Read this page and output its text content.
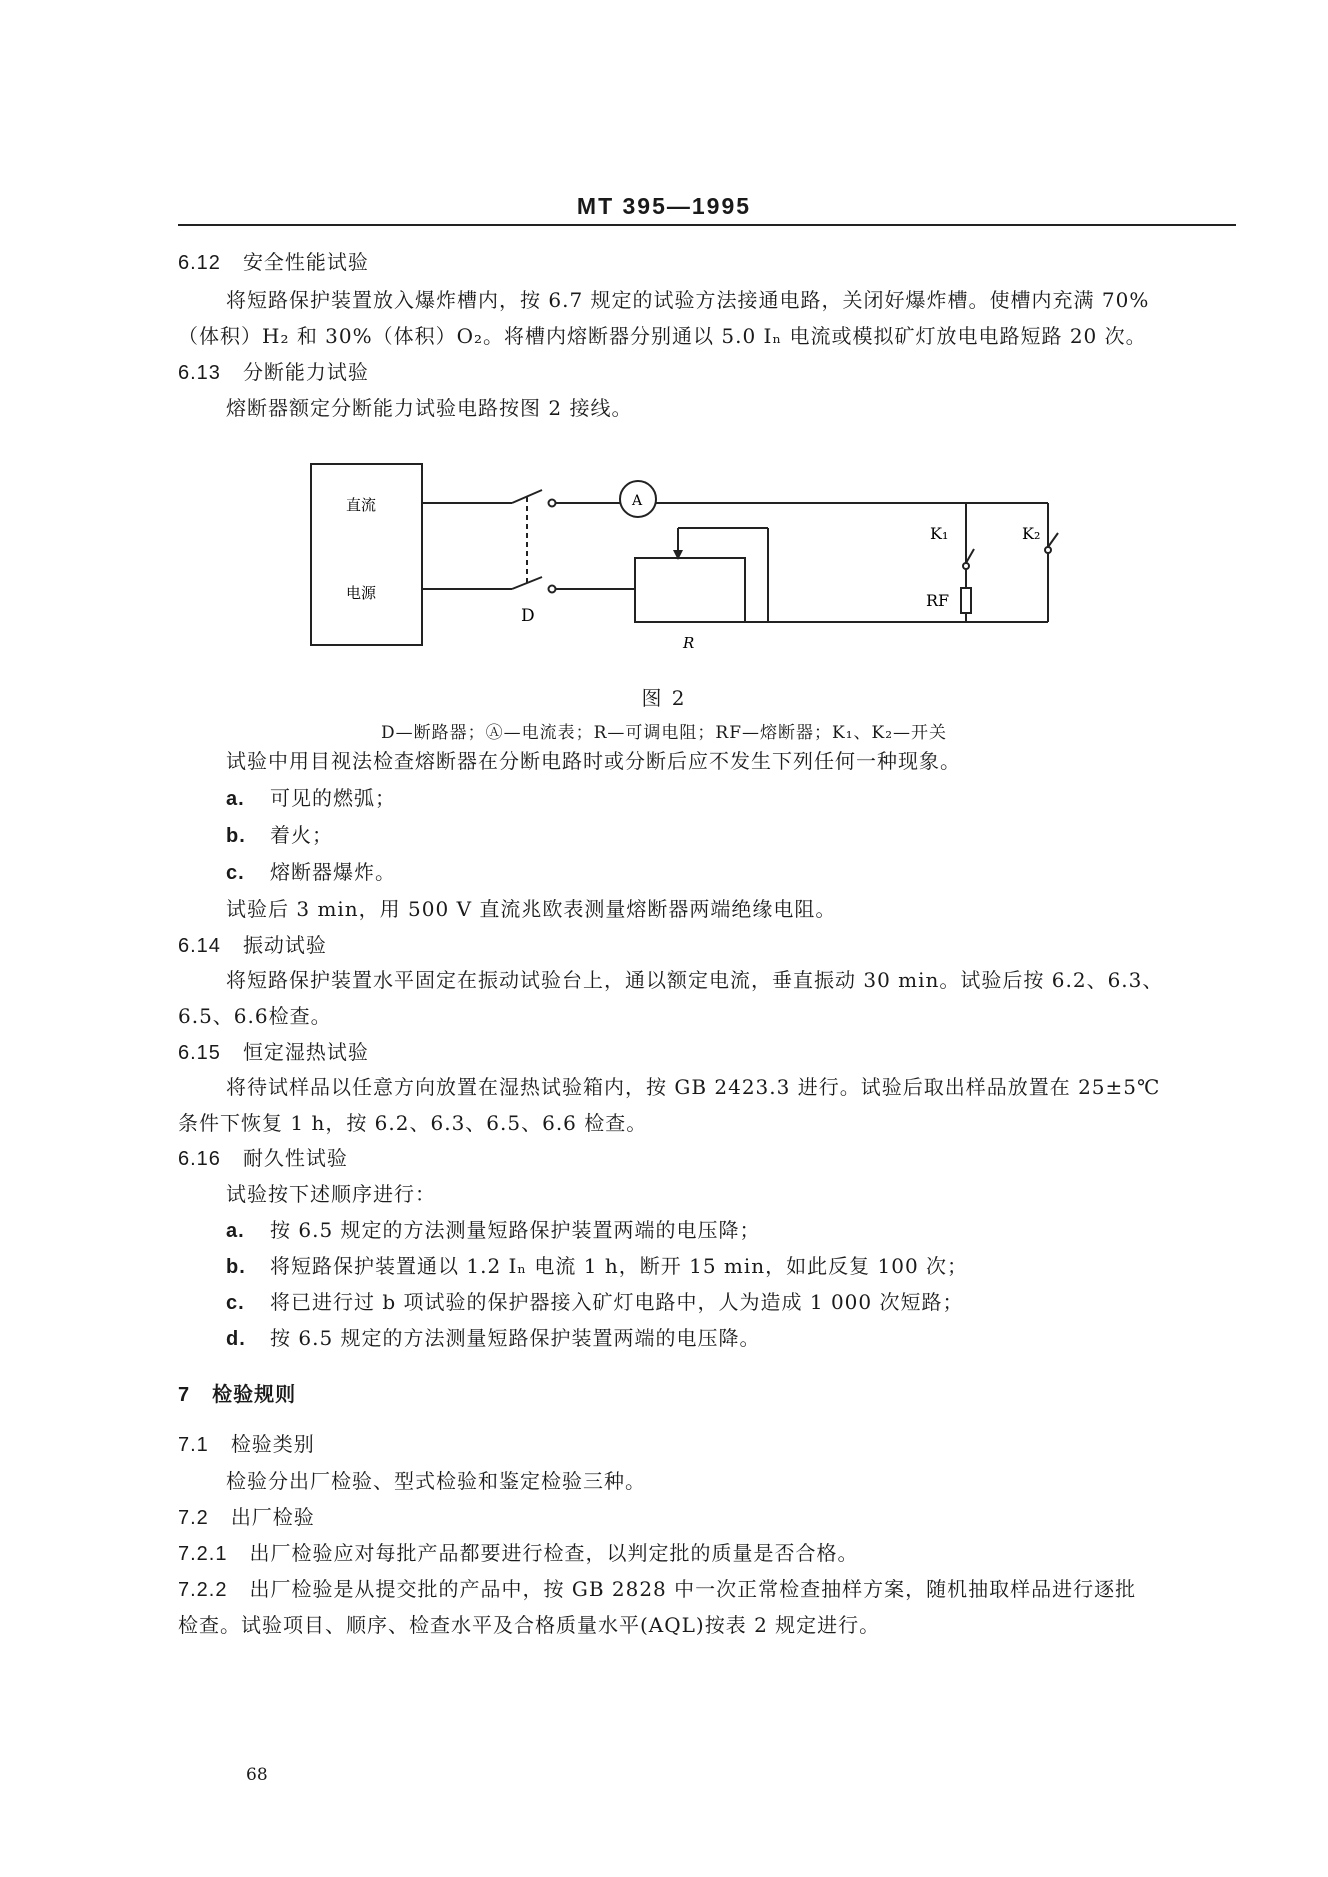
MT 395—1995
6.12 安全性能试验
将短路保护装置放入爆炸槽内，按 6.7 规定的试验方法接通电路，关闭好爆炸槽。使槽内充满 70%
（体积）H₂ 和 30%（体积）O₂。将槽内熔断器分别通以 5.0 Iₙ 电流或模拟矿灯放电电路短路 20 次。
6.13 分断能力试验
熔断器额定分断能力试验电路按图 2 接线。
直流
电源
D
A
R
K₁	K₂
RF
图 2
D—断路器；Ⓐ—电流表；R—可调电阻；RF—熔断器；K₁、K₂—开关
试验中用目视法检查熔断器在分断电路时或分断后应不发生下列任何一种现象。
a. 可见的燃弧；
b. 着火；
c. 熔断器爆炸。
试验后 3 min，用 500 V 直流兆欧表测量熔断器两端绝缘电阻。
6.14 振动试验
将短路保护装置水平固定在振动试验台上，通以额定电流，垂直振动 30 min。试验后按 6.2、6.3、
6.5、6.6检查。
6.15 恒定湿热试验
将待试样品以任意方向放置在湿热试验箱内，按 GB 2423.3 进行。试验后取出样品放置在 25±5℃
条件下恢复 1 h，按 6.2、6.3、6.5、6.6 检查。
6.16 耐久性试验
试验按下述顺序进行：
a. 按 6.5 规定的方法测量短路保护装置两端的电压降；
b. 将短路保护装置通以 1.2 Iₙ 电流 1 h，断开 15 min，如此反复 100 次；
c. 将已进行过 b 项试验的保护器接入矿灯电路中，人为造成 1 000 次短路；
d. 按 6.5 规定的方法测量短路保护装置两端的电压降。
7 检验规则
7.1 检验类别
检验分出厂检验、型式检验和鉴定检验三种。
7.2 出厂检验
7.2.1 出厂检验应对每批产品都要进行检查，以判定批的质量是否合格。
7.2.2 出厂检验是从提交批的产品中，按 GB 2828 中一次正常检查抽样方案，随机抽取样品进行逐批
检查。试验项目、顺序、检查水平及合格质量水平(AQL)按表 2 规定进行。
68
